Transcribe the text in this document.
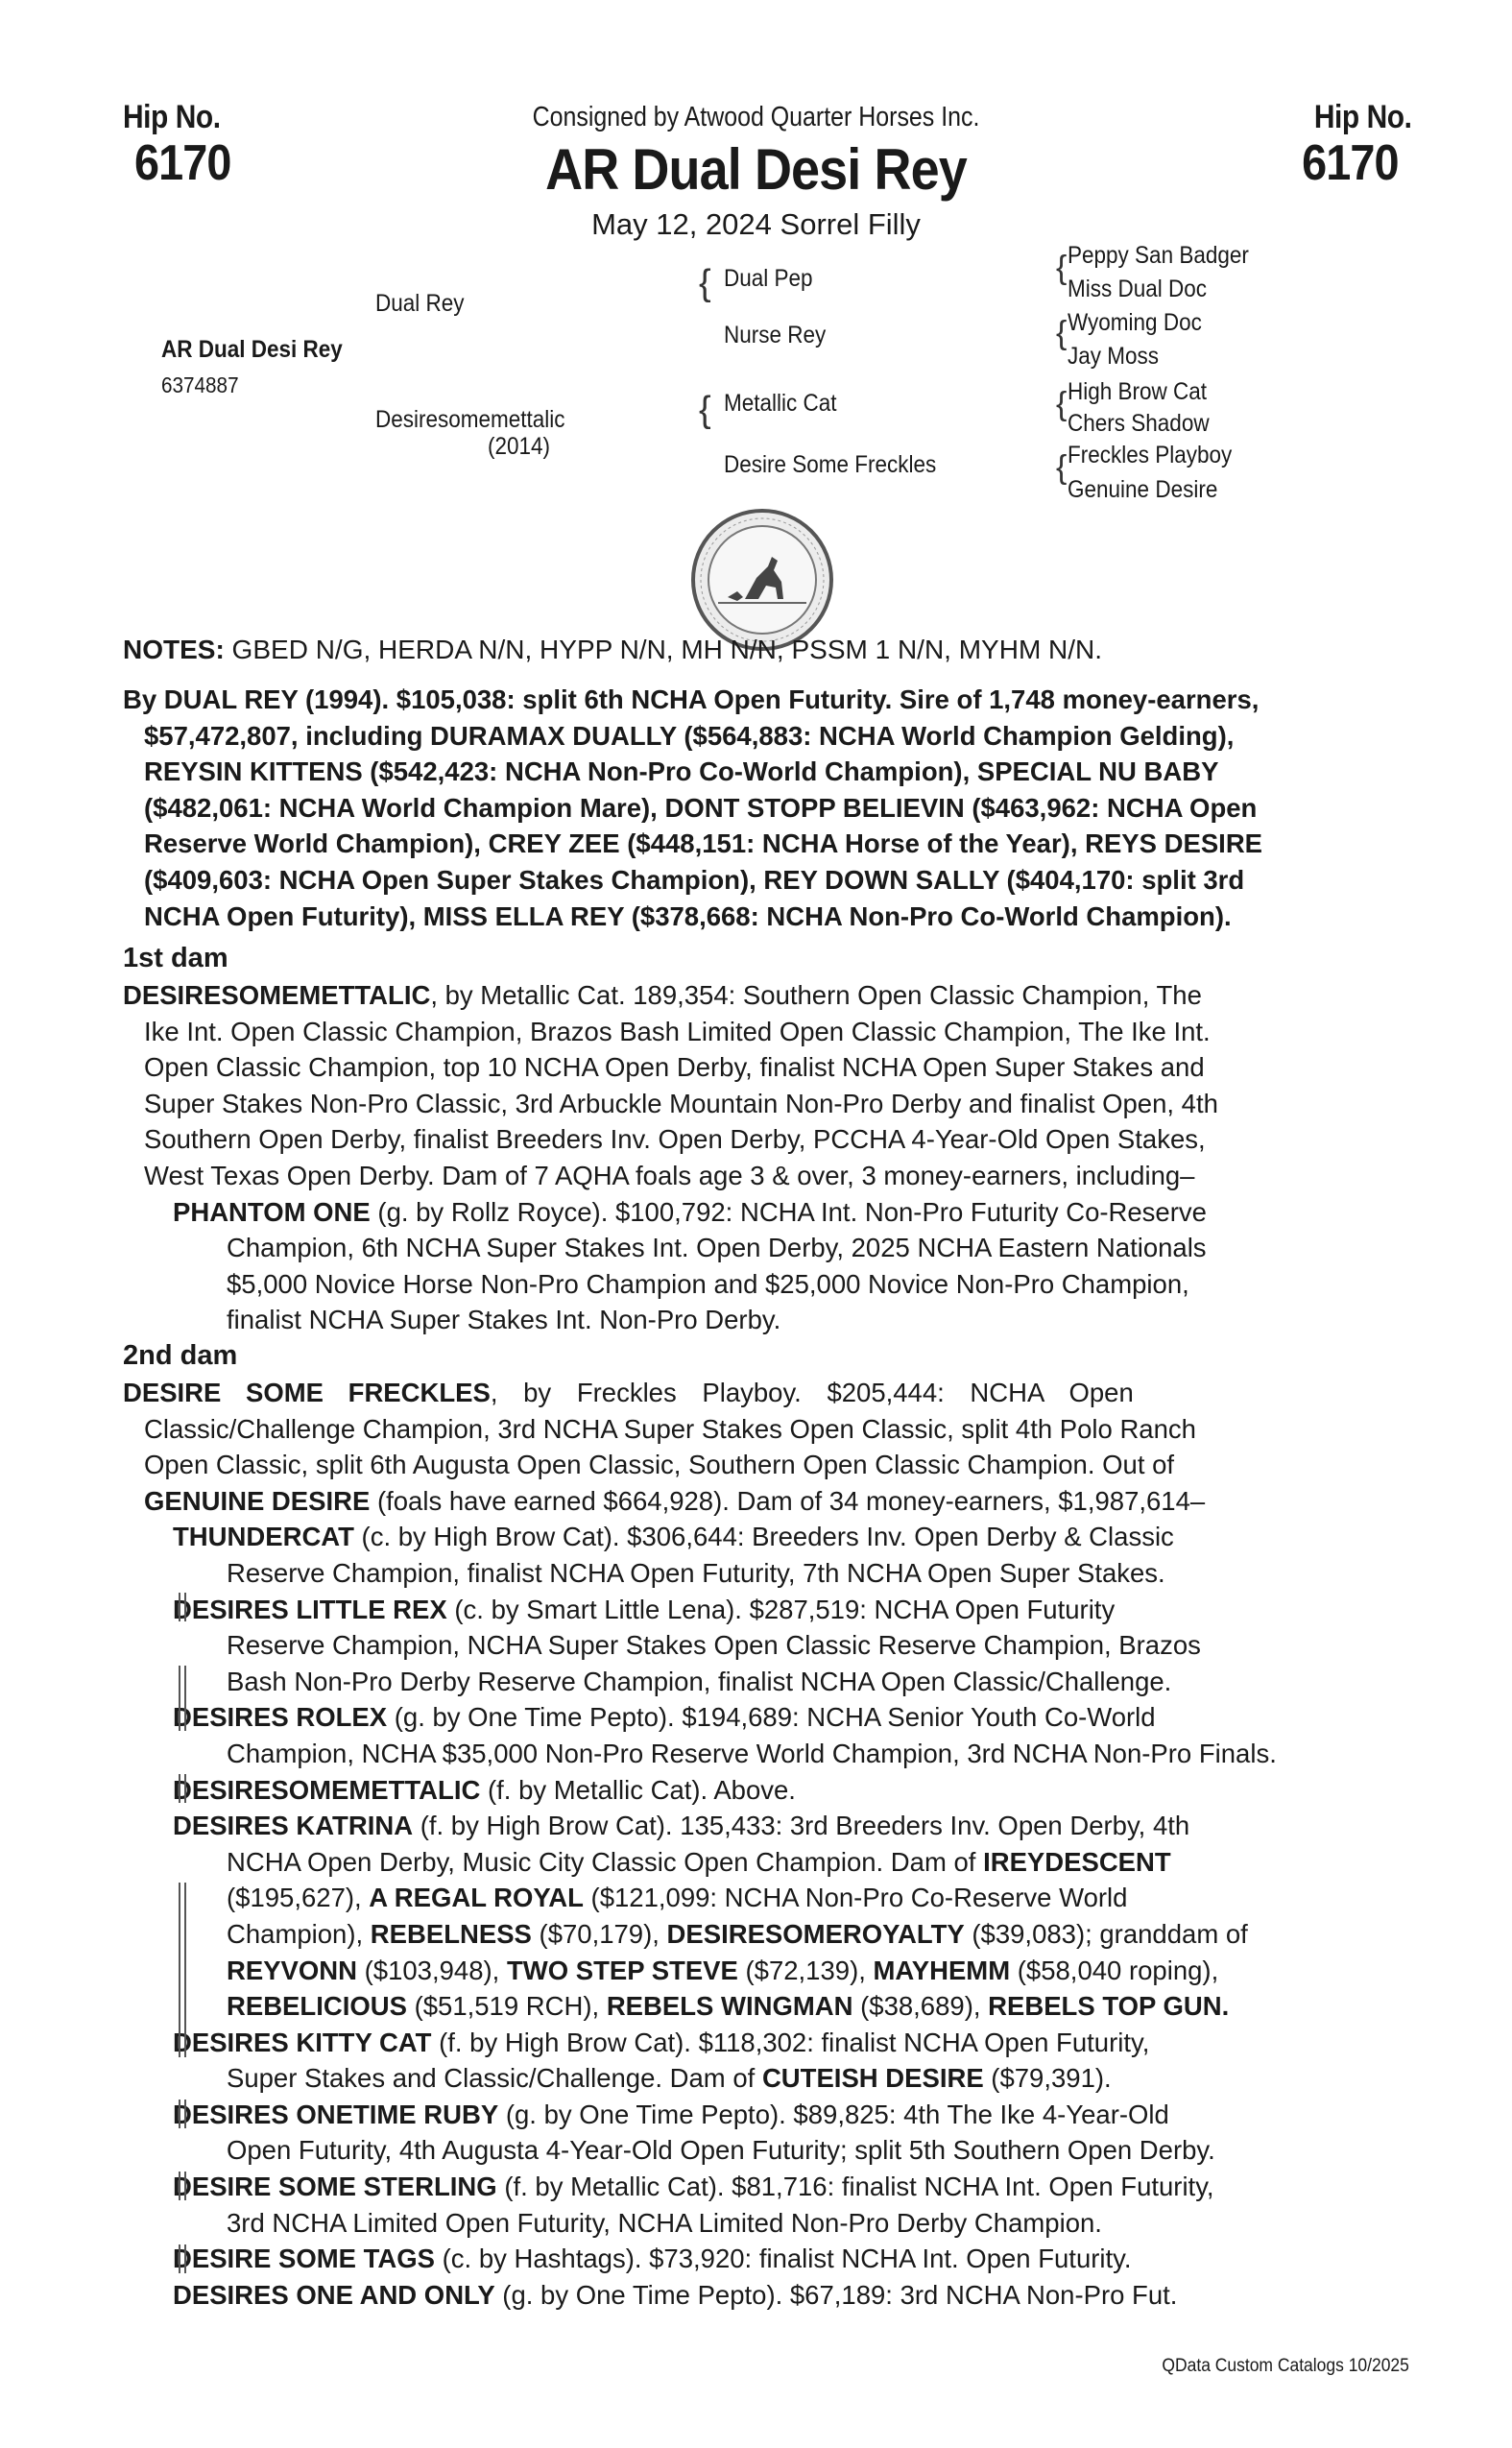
Hip No.
6170
Hip No.
6170
Consigned by Atwood Quarter Horses Inc.
AR Dual Desi Rey
May 12, 2024 Sorrel Filly
AR Dual Desi Rey
6374887
Dual Rey
Desiresomemettalic
(2014)
{ Dual Pep
Nurse Rey
{ Metallic Cat
Desire Some Freckles
{ Peppy San Badger
Miss Dual Doc
{ Wyoming Doc
Jay Moss
{ High Brow Cat
Chers Shadow
{ Freckles Playboy
Genuine Desire
NOTES: GBED N/G, HERDA N/N, HYPP N/N, MH N/N, PSSM 1 N/N, MYHM N/N.
By DUAL REY (1994). $105,038: split 6th NCHA Open Futurity. Sire of 1,748 money-earners,
$57,472,807, including DURAMAX DUALLY ($564,883: NCHA World Champion Gelding),
REYSIN KITTENS ($542,423: NCHA Non-Pro Co-World Champion), SPECIAL NU BABY
($482,061: NCHA World Champion Mare), DONT STOPP BELIEVIN ($463,962: NCHA Open
Reserve World Champion), CREY ZEE ($448,151: NCHA Horse of the Year), REYS DESIRE
($409,603: NCHA Open Super Stakes Champion), REY DOWN SALLY ($404,170: split 3rd
NCHA Open Futurity), MISS ELLA REY ($378,668: NCHA Non-Pro Co-World Champion).
1st dam
DESIRESOMEMETTALIC, by Metallic Cat. 189,354: Southern Open Classic Champion, The
Ike Int. Open Classic Champion, Brazos Bash Limited Open Classic Champion, The Ike Int.
Open Classic Champion, top 10 NCHA Open Derby, finalist NCHA Open Super Stakes and
Super Stakes Non-Pro Classic, 3rd Arbuckle Mountain Non-Pro Derby and finalist Open, 4th
Southern Open Derby, finalist Breeders Inv. Open Derby, PCCHA 4-Year-Old Open Stakes,
West Texas Open Derby. Dam of 7 AQHA foals age 3 & over, 3 money-earners, including–
PHANTOM ONE (g. by Rollz Royce). $100,792: NCHA Int. Non-Pro Futurity Co-Reserve
Champion, 6th NCHA Super Stakes Int. Open Derby, 2025 NCHA Eastern Nationals
$5,000 Novice Horse Non-Pro Champion and $25,000 Novice Non-Pro Champion,
finalist NCHA Super Stakes Int. Non-Pro Derby.
2nd dam
DESIRE SOME FRECKLES, by Freckles Playboy. $205,444: NCHA Open
Classic/Challenge Champion, 3rd NCHA Super Stakes Open Classic, split 4th Polo Ranch
Open Classic, split 6th Augusta Open Classic, Southern Open Classic Champion. Out of
GENUINE DESIRE (foals have earned $664,928). Dam of 34 money-earners, $1,987,614–
THUNDERCAT (c. by High Brow Cat). $306,644: Breeders Inv. Open Derby & Classic
Reserve Champion, finalist NCHA Open Futurity, 7th NCHA Open Super Stakes.
DESIRES LITTLE REX (c. by Smart Little Lena). $287,519: NCHA Open Futurity
Reserve Champion, NCHA Super Stakes Open Classic Reserve Champion, Brazos
Bash Non-Pro Derby Reserve Champion, finalist NCHA Open Classic/Challenge.
DESIRES ROLEX (g. by One Time Pepto). $194,689: NCHA Senior Youth Co-World
Champion, NCHA $35,000 Non-Pro Reserve World Champion, 3rd NCHA Non-Pro Finals.
DESIRESOMEMETTALIC (f. by Metallic Cat). Above.
DESIRES KATRINA (f. by High Brow Cat). 135,433: 3rd Breeders Inv. Open Derby, 4th
NCHA Open Derby, Music City Classic Open Champion. Dam of IREYDESCENT
($195,627), A REGAL ROYAL ($121,099: NCHA Non-Pro Co-Reserve World
Champion), REBELNESS ($70,179), DESIRESOMEROYALTY ($39,083); granddam of
REYVONN ($103,948), TWO STEP STEVE ($72,139), MAYHEMM ($58,040 roping),
REBELICIOUS ($51,519 RCH), REBELS WINGMAN ($38,689), REBELS TOP GUN.
DESIRES KITTY CAT (f. by High Brow Cat). $118,302: finalist NCHA Open Futurity,
Super Stakes and Classic/Challenge. Dam of CUTEISH DESIRE ($79,391).
DESIRES ONETIME RUBY (g. by One Time Pepto). $89,825: 4th The Ike 4-Year-Old
Open Futurity, 4th Augusta 4-Year-Old Open Futurity; split 5th Southern Open Derby.
DESIRE SOME STERLING (f. by Metallic Cat). $81,716: finalist NCHA Int. Open Futurity,
3rd NCHA Limited Open Futurity, NCHA Limited Non-Pro Derby Champion.
DESIRE SOME TAGS (c. by Hashtags). $73,920: finalist NCHA Int. Open Futurity.
DESIRES ONE AND ONLY (g. by One Time Pepto). $67,189: 3rd NCHA Non-Pro Fut.
QData Custom Catalogs 10/2025
